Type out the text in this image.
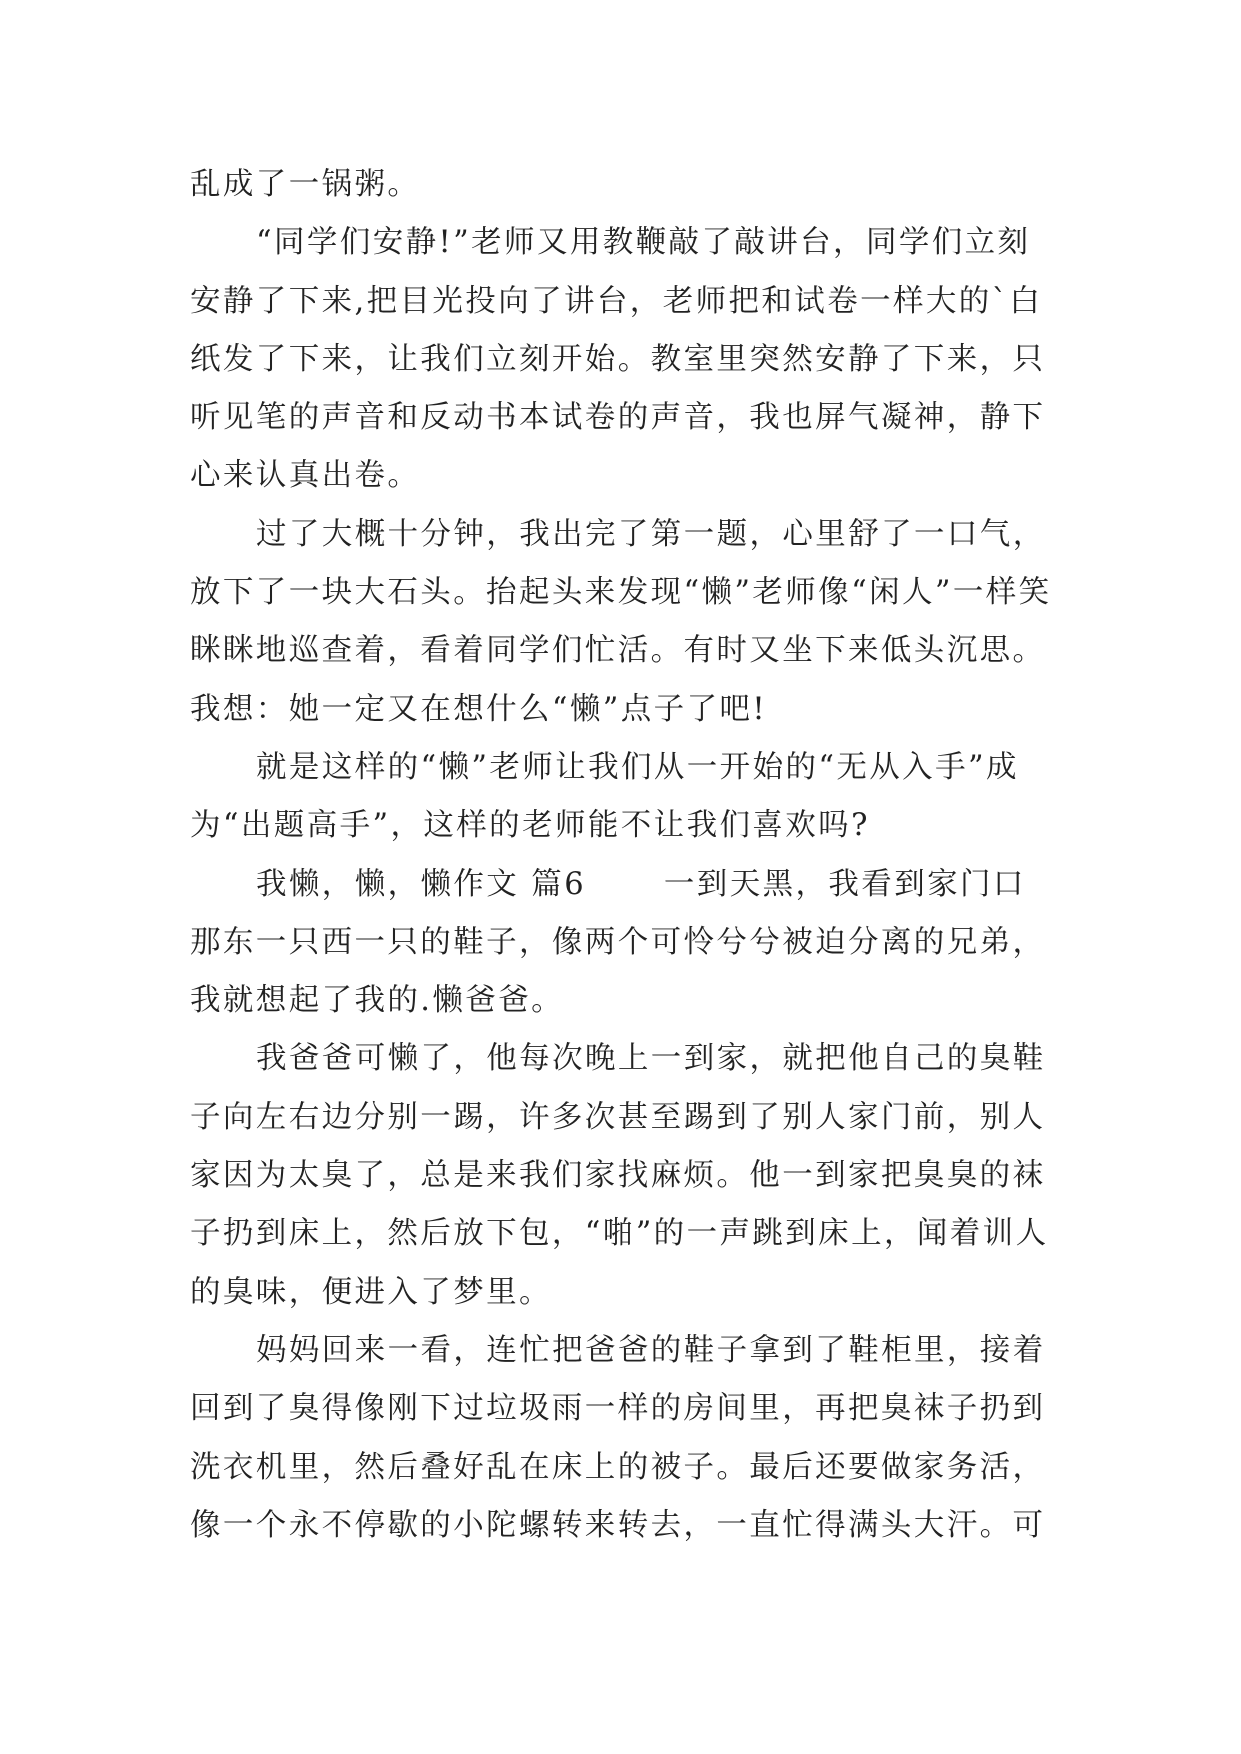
乱成了一锅粥。

“同学们安静!”老师又用教鞭敲了敲讲台，同学们立刻安静了下来,把目光投向了讲台，老师把和试卷一样大的`白纸发了下来，让我们立刻开始。教室里突然安静了下来，只听见笔的声音和反动书本试卷的声音，我也屏气凝神，静下心来认真出卷。

过了大概十分钟，我出完了第一题，心里舒了一口气，放下了一块大石头。抬起头来发现“懒”老师像“闲人”一样笑眯眯地巡查着，看着同学们忙活。有时又坐下来低头沉思。我想：她一定又在想什么“懒”点子了吧!

就是这样的“懒”老师让我们从一开始的“无从入手”成为“出题高手”，这样的老师能不让我们喜欢吗?

我懒，懒，懒作文 篇6 　　一到天黑，我看到家门口那东一只西一只的鞋子，像两个可怜兮兮被迫分离的兄弟，我就想起了我的.懒爸爸。

我爸爸可懒了，他每次晚上一到家，就把他自己的臭鞋子向左右边分别一踢，许多次甚至踢到了别人家门前，别人家因为太臭了，总是来我们家找麻烦。他一到家把臭臭的袜子扔到床上，然后放下包，“啪”的一声跳到床上，闻着训人的臭味，便进入了梦里。

妈妈回来一看，连忙把爸爸的鞋子拿到了鞋柜里，接着回到了臭得像刚下过垃圾雨一样的房间里，再把臭袜子扔到洗衣机里，然后叠好乱在床上的被子。最后还要做家务活，像一个永不停歇的小陀螺转来转去，一直忙得满头大汗。可
